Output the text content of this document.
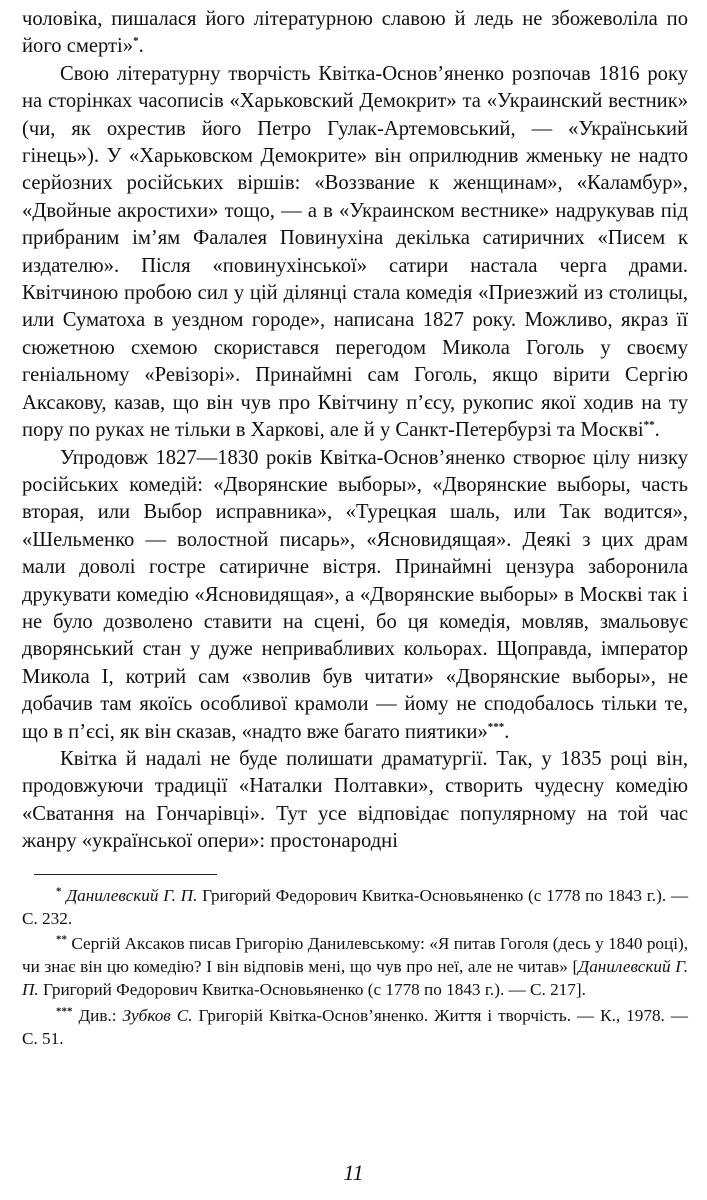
чоловіка, пишалася його літературною славою й ледь не збожеволіла по його смерті»*.

Свою літературну творчість Квітка-Основ’яненко розпочав 1816 року на сторінках часописів «Харьковский Демокрит» та «Украинский вестник» (чи, як охрестив його Петро Гулак-Артемовський, — «Український гінець»). У «Харьковском Демокрите» він оприлюднив жменьку не надто серйозних російських віршів: «Воззвание к женщинам», «Каламбур», «Двойные акростихи» тощо, — а в «Украинском вестнике» надрукував під прибраним ім’ям Фалалея Повинухіна декілька сатиричних «Писем к издателю». Після «повинухінської» сатири настала черга драми. Квітчиною пробою сил у цій ділянці стала комедія «Приезжий из столицы, или Суматоха в уездном городе», написана 1827 року. Можливо, якраз її сюжетною схемою скористався перегодом Микола Гоголь у своєму геніальному «Ревізорі». Принаймні сам Гоголь, якщо вірити Сергію Аксакову, казав, що він чув про Квітчину п’єсу, рукопис якої ходив на ту пору по руках не тільки в Харкові, але й у Санкт-Петербурзі та Москві**.

Упродовж 1827—1830 років Квітка-Основ’яненко створює цілу низку російських комедій: «Дворянские выборы», «Дворянские выборы, часть вторая, или Выбор исправника», «Турецкая шаль, или Так водится», «Шельменко — волостной писарь», «Ясновидящая». Деякі з цих драм мали доволі гостре сатиричне вістря. Принаймні цензура заборонила друкувати комедію «Ясновидящая», а «Дворянские выборы» в Москві так і не було дозволено ставити на сцені, бо ця комедія, мовляв, змальовує дворянський стан у дуже непривабливих кольорах. Щоправда, імператор Микола I, котрий сам «зволив був читати» «Дворянские выборы», не добачив там якоїсь особливої крамоли — йому не сподобалось тільки те, що в п’єсі, як він сказав, «надто вже багато пиятики»***.

Квітка й надалі не буде полишати драматургії. Так, у 1835 році він, продовжуючи традиції «Наталки Полтавки», створить чудесну комедію «Сватання на Гончарівці». Тут усе відповідає популярному на той час жанру «української опери»: простонародні

* Данилевский Г. П. Григорий Федорович Квитка-Основьяненко (с 1778 по 1843 г.). — С. 232.

** Сергій Аксаков писав Григорію Данилевському: «Я питав Гоголя (десь у 1840 році), чи знає він цю комедію? І він відповів мені, що чув про неї, але не читав» [Данилевский Г. П. Григорий Федорович Квитка-Основьяненко (с 1778 по 1843 г.). — С. 217].

*** Див.: Зубков С. Григорій Квітка-Основ’яненко. Життя і творчість. — К., 1978. — С. 51.

11
